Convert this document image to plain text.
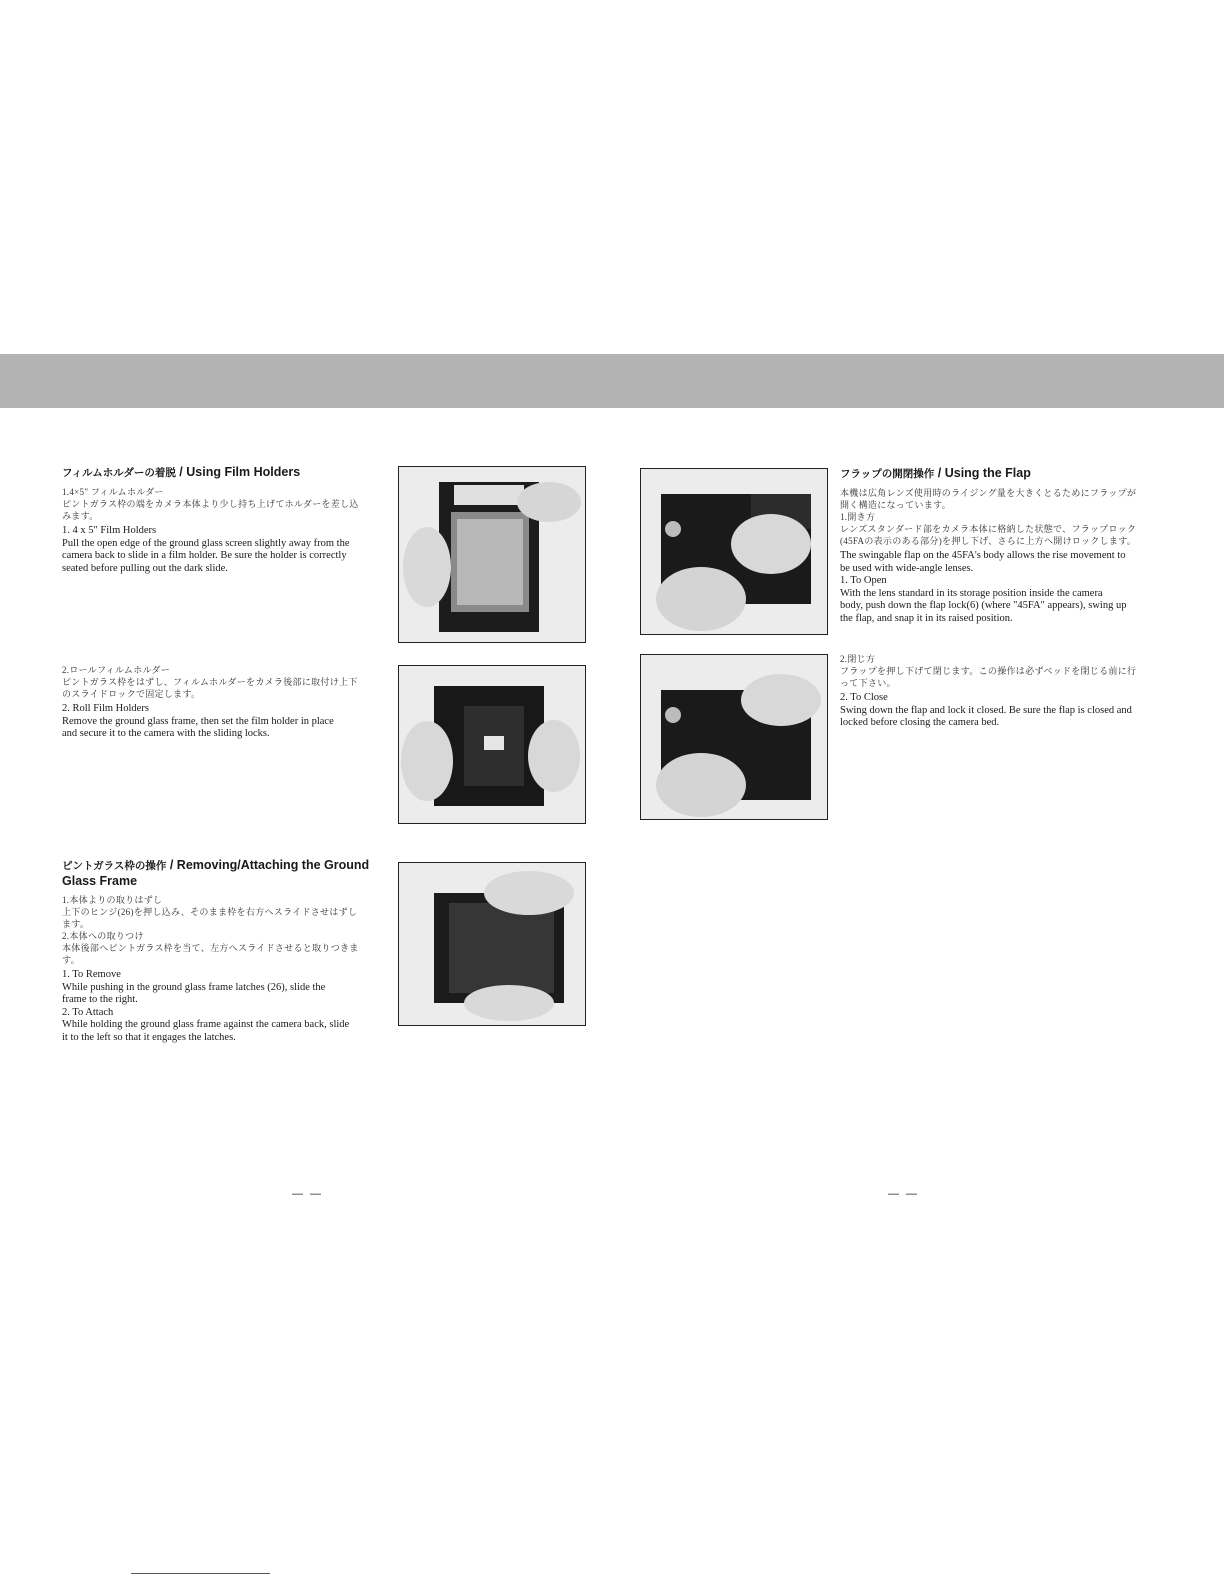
フィルムホルダーの着脱 / Using Film Holders

1.4×5" フィルムホルダー

ピントガラス枠の端をカメラ本体より少し持ち上げてホルダーを差し込

みます。

1. 4 x 5" Film Holders

Pull the open edge of the ground glass screen slightly away from the

camera back to slide in a film holder. Be sure the holder is correctly

seated before pulling out the dark slide.

2.ロールフィルムホルダー

ピントガラス枠をはずし、フィルムホルダーをカメラ後部に取付け上下

のスライドロックで固定します。

2. Roll Film Holders

Remove the ground glass frame, then set the film holder in place

and secure it to the camera with the sliding locks.

ピントガラス枠の操作 / Removing/Attaching the Ground
Glass Frame

1.本体よりの取りはずし

上下のヒンジ(26)を押し込み、そのまま枠を右方へスライドさせはずし

ます。

2.本体への取りつけ

本体後部へピントガラス枠を当て、左方へスライドさせると取りつきま

す。

1. To Remove

While pushing in the ground glass frame latches (26), slide the

frame to the right.

2. To Attach

While holding the ground glass frame against the camera back, slide

it to the left so that it engages the latches.

— —
フラップの開閉操作 / Using the Flap

本機は広角レンズ使用時のライジング量を大きくとるためにフラップが

開く構造になっています。

1.開き方

レンズスタンダード部をカメラ本体に格納した状態で、フラップロック

(45FAの表示のある部分)を押し下げ、さらに上方へ開けロックします。

The swingable flap on the 45FA's body allows the rise movement to

be used with wide-angle lenses.

1. To Open

With the lens standard in its storage position inside the camera

body, push down the flap lock(6) (where "45FA" appears), swing up

the flap, and snap it in its raised position.

2.閉じ方

フラップを押し下げて閉じます。この操作は必ずベッドを閉じる前に行

って下さい。

2. To Close

Swing down the flap and lock it closed. Be sure the flap is closed and

locked before closing the camera bed.

— —
